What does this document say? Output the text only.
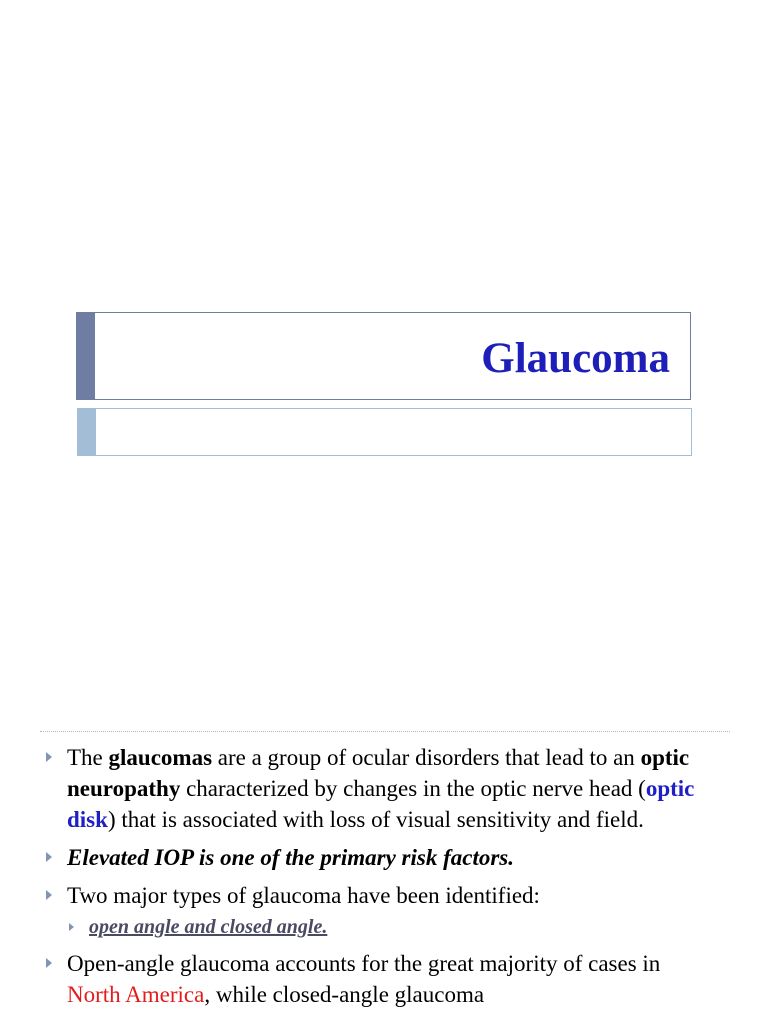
Glaucoma
The glaucomas are a group of ocular disorders that lead to an optic neuropathy characterized by changes in the optic nerve head (optic disk) that is associated with loss of visual sensitivity and field.
Elevated IOP is one of the primary risk factors.
Two major types of glaucoma have been identified:
open angle and closed angle.
Open-angle glaucoma accounts for the great majority of cases in North America, while closed-angle glaucoma
